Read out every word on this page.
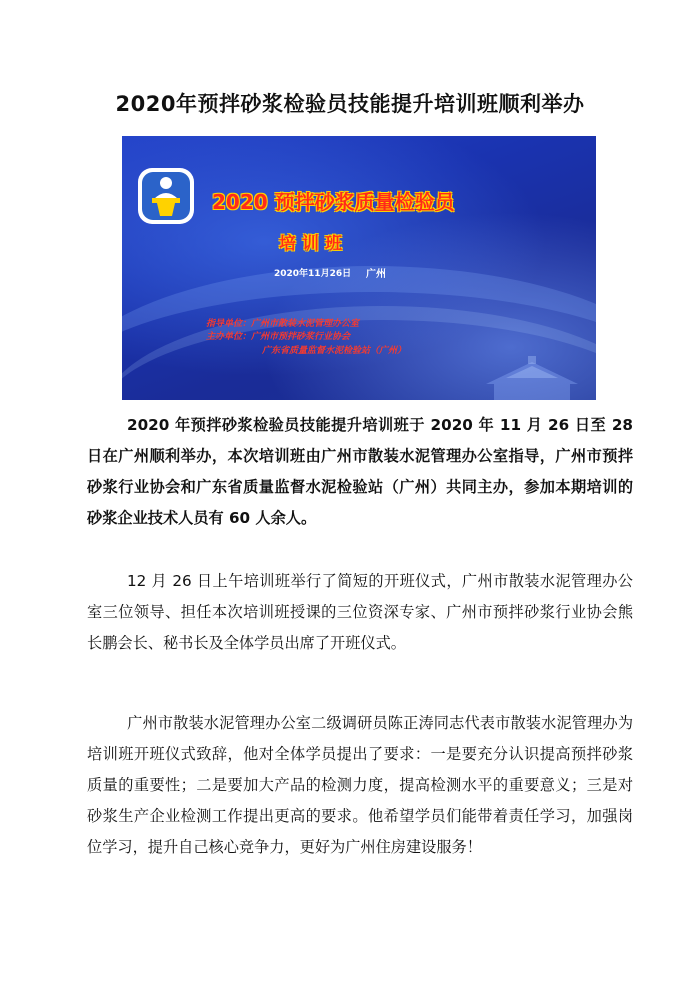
2020年预拌砂浆检验员技能提升培训班顺利举办
2020 预拌砂浆质量检验员
培训班
2020年11月26日 广州
指导单位：广州市散装水泥管理办公室
主办单位：广州市预拌砂浆行业协会
广东省质量监督水泥检验站（广州）

2020 年预拌砂浆检验员技能提升培训班于 2020 年 11 月 26 日至 28 日在广州顺利举办，本次培训班由广州市散装水泥管理办公室指导，广州市预拌砂浆行业协会和广东省质量监督水泥检验站（广州）共同主办，参加本期培训的砂浆企业技术人员有 60 人余人。

12 月 26 日上午培训班举行了简短的开班仪式，广州市散装水泥管理办公室三位领导、担任本次培训班授课的三位资深专家、广州市预拌砂浆行业协会熊长鹏会长、秘书长及全体学员出席了开班仪式。

广州市散装水泥管理办公室二级调研员陈正涛同志代表市散装水泥管理办为培训班开班仪式致辞，他对全体学员提出了要求：一是要充分认识提高预拌砂浆质量的重要性；二是要加大产品的检测力度，提高检测水平的重要意义；三是对砂浆生产企业检测工作提出更高的要求。他希望学员们能带着责任学习，加强岗位学习，提升自己核心竞争力，更好为广州住房建设服务！
